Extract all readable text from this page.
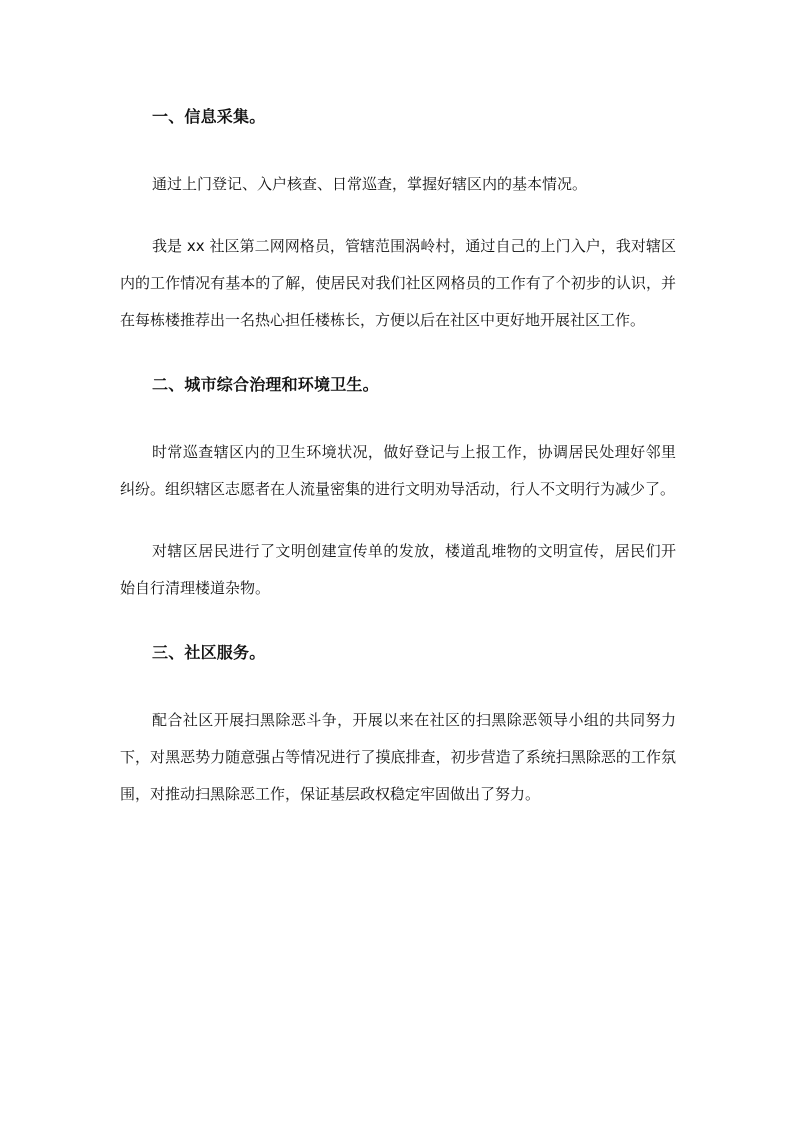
一、信息采集。

通过上门登记、入户核查、日常巡查，掌握好辖区内的基本情况。

我是 xx 社区第二网网格员，管辖范围涡岭村，通过自己的上门入户，我对辖区内的工作情况有基本的了解，使居民对我们社区网格员的工作有了个初步的认识，并在每栋楼推荐出一名热心担任楼栋长，方便以后在社区中更好地开展社区工作。

二、城市综合治理和环境卫生。

时常巡查辖区内的卫生环境状况，做好登记与上报工作，协调居民处理好邻里纠纷。组织辖区志愿者在人流量密集的进行文明劝导活动，行人不文明行为减少了。

对辖区居民进行了文明创建宣传单的发放，楼道乱堆物的文明宣传，居民们开始自行清理楼道杂物。

三、社区服务。

配合社区开展扫黑除恶斗争，开展以来在社区的扫黑除恶领导小组的共同努力下，对黑恶势力随意强占等情况进行了摸底排查，初步营造了系统扫黑除恶的工作氛围，对推动扫黑除恶工作，保证基层政权稳定牢固做出了努力。
